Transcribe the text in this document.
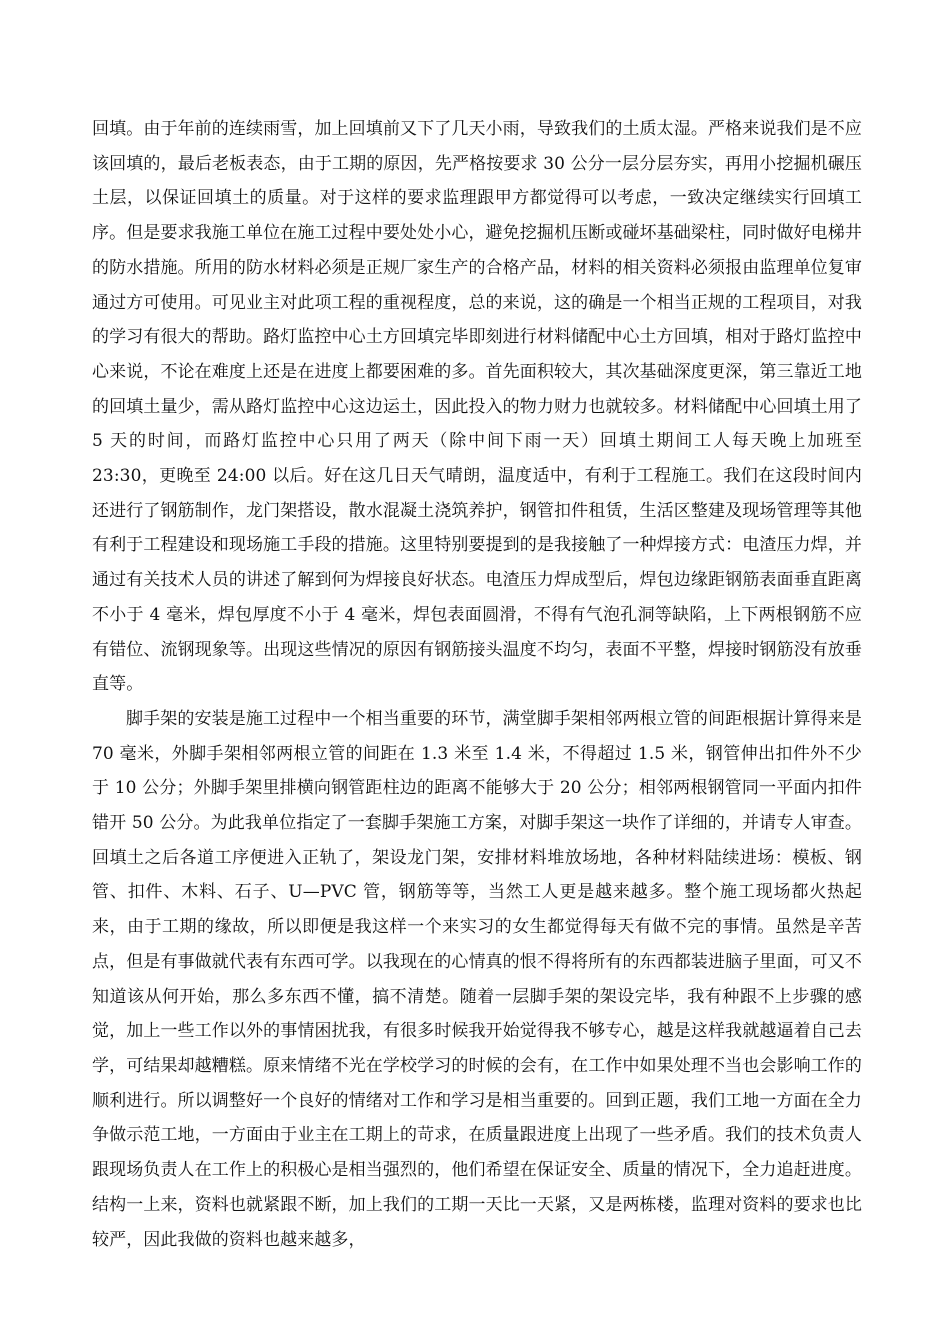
回填。由于年前的连续雨雪，加上回填前又下了几天小雨，导致我们的土质太湿。严格来说我们是不应该回填的，最后老板表态，由于工期的原因，先严格按要求 30 公分一层分层夯实，再用小挖掘机碾压土层，以保证回填土的质量。对于这样的要求监理跟甲方都觉得可以考虑，一致决定继续实行回填工序。但是要求我施工单位在施工过程中要处处小心，避免挖掘机压断或碰坏基础梁柱，同时做好电梯井的防水措施。所用的防水材料必须是正规厂家生产的合格产品，材料的相关资料必须报由监理单位复审通过方可使用。可见业主对此项工程的重视程度，总的来说，这的确是一个相当正规的工程项目，对我的学习有很大的帮助。路灯监控中心土方回填完毕即刻进行材料储配中心土方回填，相对于路灯监控中心来说，不论在难度上还是在进度上都要困难的多。首先面积较大，其次基础深度更深，第三靠近工地的回填土量少，需从路灯监控中心这边运土，因此投入的物力财力也就较多。材料储配中心回填土用了 5 天的时间，而路灯监控中心只用了两天（除中间下雨一天）回填土期间工人每天晚上加班至 23:30，更晚至 24:00 以后。好在这几日天气晴朗，温度适中，有利于工程施工。我们在这段时间内还进行了钢筋制作，龙门架搭设，散水混凝土浇筑养护，钢管扣件租赁，生活区整建及现场管理等其他有利于工程建设和现场施工手段的措施。这里特别要提到的是我接触了一种焊接方式：电渣压力焊，并通过有关技术人员的讲述了解到何为焊接良好状态。电渣压力焊成型后，焊包边缘距钢筋表面垂直距离不小于 4 毫米，焊包厚度不小于 4 毫米，焊包表面圆滑，不得有气泡孔洞等缺陷，上下两根钢筋不应有错位、流钢现象等。出现这些情况的原因有钢筋接头温度不均匀，表面不平整，焊接时钢筋没有放垂直等。

脚手架的安装是施工过程中一个相当重要的环节，满堂脚手架相邻两根立管的间距根据计算得来是 70 毫米，外脚手架相邻两根立管的间距在 1.3 米至 1.4 米，不得超过 1.5 米，钢管伸出扣件外不少于 10 公分；外脚手架里排横向钢管距柱边的距离不能够大于 20 公分；相邻两根钢管同一平面内扣件错开 50 公分。为此我单位指定了一套脚手架施工方案，对脚手架这一块作了详细的，并请专人审查。回填土之后各道工序便进入正轨了，架设龙门架，安排材料堆放场地，各种材料陆续进场：模板、钢管、扣件、木料、石子、U—PVC 管，钢筋等等，当然工人更是越来越多。整个施工现场都火热起来，由于工期的缘故，所以即便是我这样一个来实习的女生都觉得每天有做不完的事情。虽然是辛苦点，但是有事做就代表有东西可学。以我现在的心情真的恨不得将所有的东西都装进脑子里面，可又不知道该从何开始，那么多东西不懂，搞不清楚。随着一层脚手架的架设完毕，我有种跟不上步骤的感觉，加上一些工作以外的事情困扰我，有很多时候我开始觉得我不够专心，越是这样我就越逼着自己去学，可结果却越糟糕。原来情绪不光在学校学习的时候的会有，在工作中如果处理不当也会影响工作的顺利进行。所以调整好一个良好的情绪对工作和学习是相当重要的。回到正题，我们工地一方面在全力争做示范工地，一方面由于业主在工期上的苛求，在质量跟进度上出现了一些矛盾。我们的技术负责人跟现场负责人在工作上的积极心是相当强烈的，他们希望在保证安全、质量的情况下，全力追赶进度。结构一上来，资料也就紧跟不断，加上我们的工期一天比一天紧，又是两栋楼，监理对资料的要求也比较严，因此我做的资料也越来越多，
